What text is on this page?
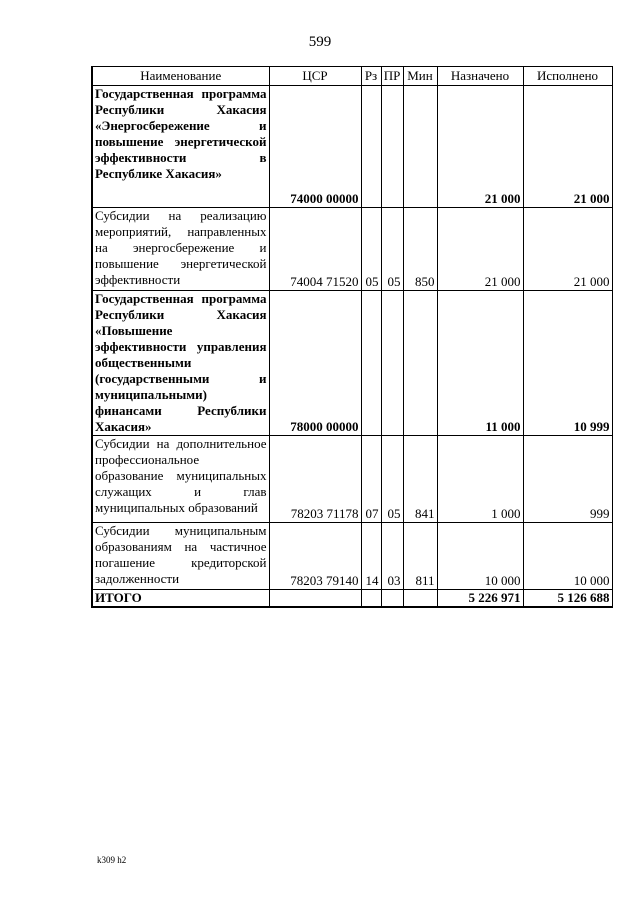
599
Наименование	ЦСР	Рз	ПР	Мин	Назначено	Исполнено

Государственная программа Республики Хакасия «Энергосбережение и повышение энергетической эффективности в Республике Хакасия»	74000 00000				21 000	21 000

Субсидии на реализацию мероприятий, направленных на энергосбережение и повышение энергетической эффективности	74004 71520	05	05	850	21 000	21 000

Государственная программа Республики Хакасия «Повышение эффективности управления общественными (государственными и муниципальными) финансами Республики Хакасия»	78000 00000				11 000	10 999

Субсидии на дополнительное профессиональное образование муниципальных служащих и глав муниципальных образований	78203 71178	07	05	841	1 000	999

Субсидии муниципальным образованиям на частичное погашение кредиторской задолженности	78203 79140	14	03	811	10 000	10 000
ИТОГО					5 226 971	5 126 688
k309 h2
